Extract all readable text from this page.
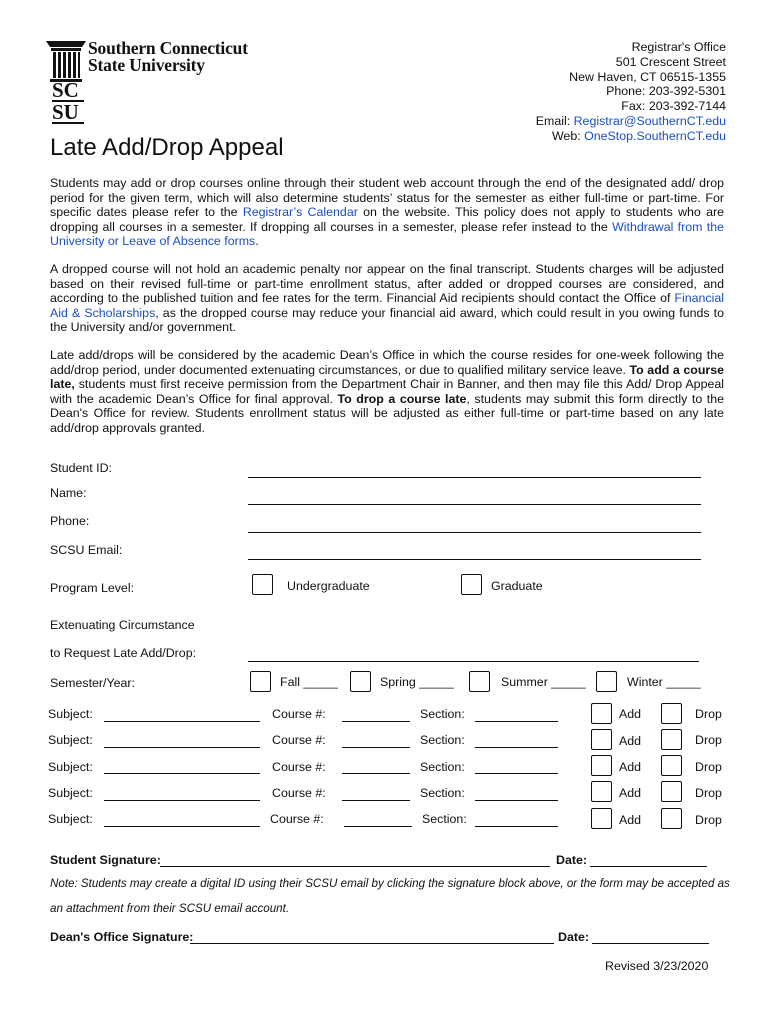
Southern Connecticut
State University
SC
SU
Registrar's Office
501 Crescent Street
New Haven, CT 06515-1355
Phone: 203-392-5301
Fax: 203-392-7144
Email: Registrar@SouthernCT.edu
Web: OneStop.SouthernCT.edu
Late Add/Drop Appeal
Students may add or drop courses online through their student web account through the end of the designated add/ drop period for the given term, which will also determine students’ status for the semester as either full-time or part-time. For specific dates please refer to the Registrar’s Calendar on the website. This policy does not apply to students who are dropping all courses in a semester. If dropping all courses in a semester, please refer instead to the Withdrawal from the University or Leave of Absence forms.
A dropped course will not hold an academic penalty nor appear on the final transcript. Students charges will be adjusted based on their revised full-time or part-time enrollment status, after added or dropped courses are considered, and according to the published tuition and fee rates for the term. Financial Aid recipients should contact the Office of Financial Aid & Scholarships, as the dropped course may reduce your financial aid award, which could result in you owing funds to the University and/or government.
Late add/drops will be considered by the academic Dean’s Office in which the course resides for one-week following the add/drop period, under documented extenuating circumstances, or due to qualified military service leave. To add a course late, students must first receive permission from the Department Chair in Banner, and then may file this Add/ Drop Appeal with the academic Dean’s Office for final approval. To drop a course late, students may submit this form directly to the Dean's Office for review. Students enrollment status will be adjusted as either full-time or part-time based on any late add/drop approvals granted.
Student ID:
Name:
Phone:
SCSU Email:
Program Level:	Undergraduate	Graduate
Extenuating Circumstance
to Request Late Add/Drop:
Semester/Year:	Fall _____	Spring _____	Summer _____	Winter _____
Subject:	Course #:	Section:	Add	Drop
Subject:	Course #:	Section:	Add	Drop
Subject:	Course #:	Section:	Add	Drop
Subject:	Course #:	Section:	Add	Drop
Subject:	Course #:	Section:	Add	Drop
Student Signature:	Date:
Note: Students may create a digital ID using their SCSU email by clicking the signature block above, or the form may be accepted as an attachment from their SCSU email account.
Dean's Office Signature:	Date:
Revised 3/23/2020
